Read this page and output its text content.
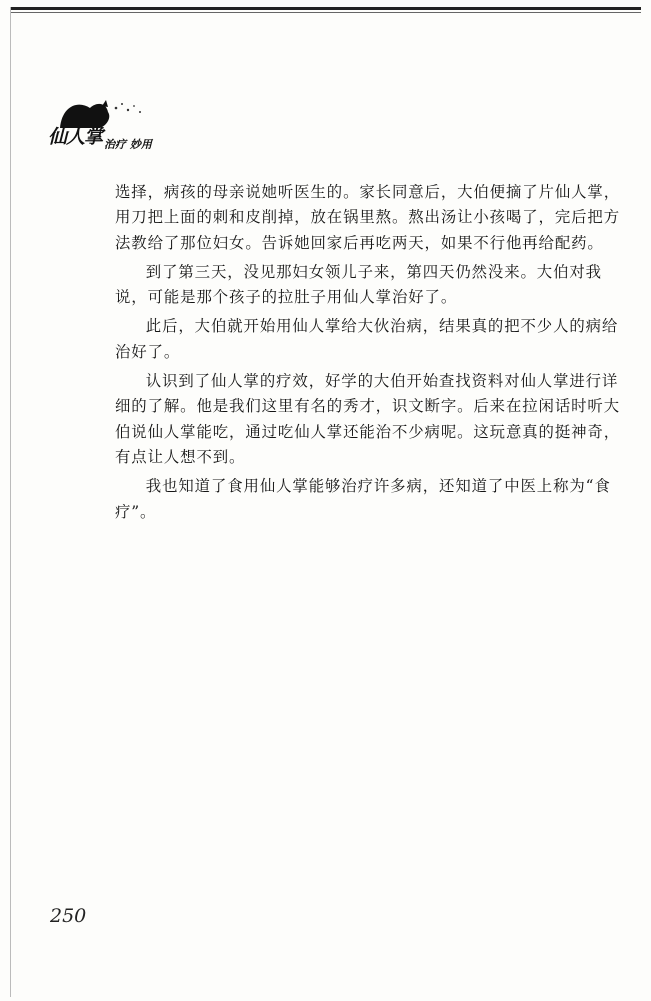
仙人掌 治疗 妙用

选择，病孩的母亲说她听医生的。家长同意后，大伯便摘了片仙人掌，用刀把上面的刺和皮削掉，放在锅里熬。熬出汤让小孩喝了，完后把方法教给了那位妇女。告诉她回家后再吃两天，如果不行他再给配药。

到了第三天，没见那妇女领儿子来，第四天仍然没来。大伯对我说，可能是那个孩子的拉肚子用仙人掌治好了。

此后，大伯就开始用仙人掌给大伙治病，结果真的把不少人的病给治好了。

认识到了仙人掌的疗效，好学的大伯开始查找资料对仙人掌进行详细的了解。他是我们这里有名的秀才，识文断字。后来在拉闲话时听大伯说仙人掌能吃，通过吃仙人掌还能治不少病呢。这玩意真的挺神奇，有点让人想不到。

我也知道了食用仙人掌能够治疗许多病，还知道了中医上称为“食疗”。

250
